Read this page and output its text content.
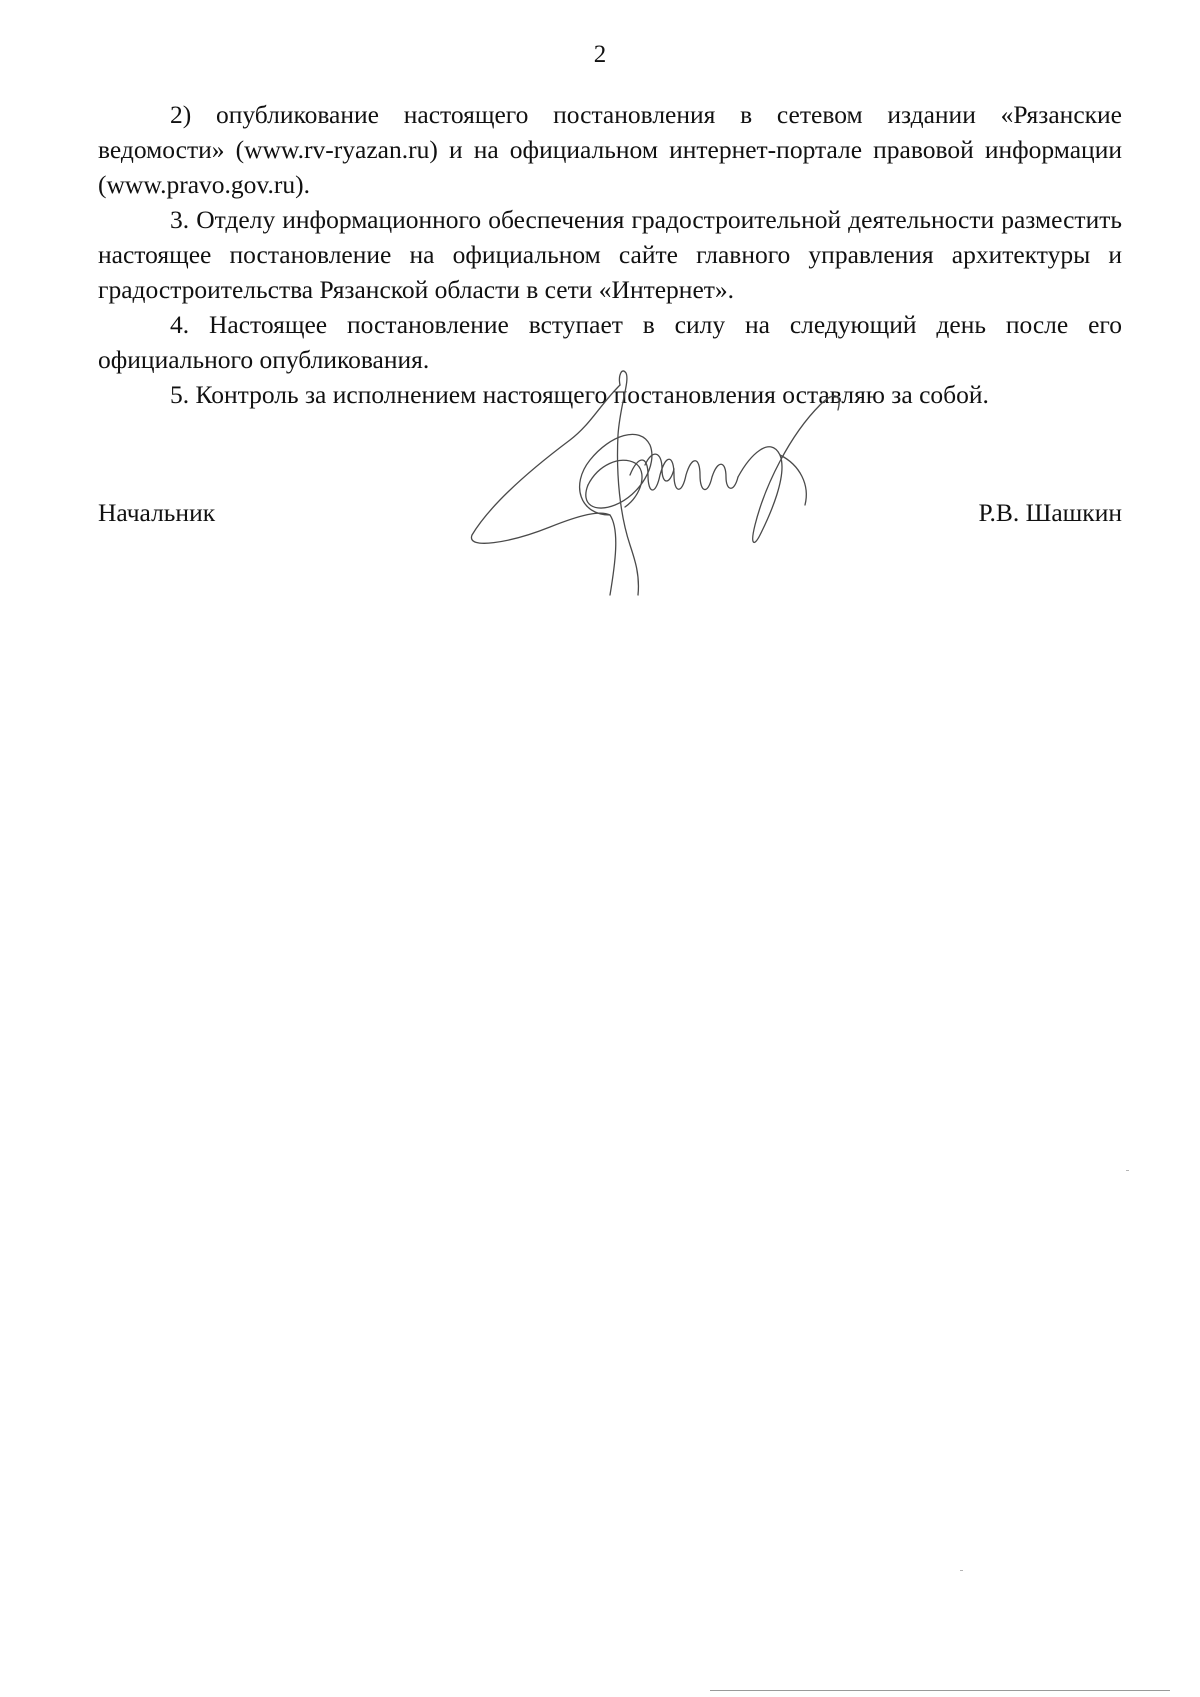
2

2) опубликование настоящего постановления в сетевом издании «Рязанские ведомости» (www.rv-ryazan.ru) и на официальном интернет-портале правовой информации (www.pravo.gov.ru).

3. Отделу информационного обеспечения градостроительной деятельности разместить настоящее постановление на официальном сайте главного управления архитектуры и градостроительства Рязанской области в сети «Интернет».

4. Настоящее постановление вступает в силу на следующий день после его официального опубликования.

5. Контроль за исполнением настоящего постановления оставляю за собой.

Начальник	Р.В. Шашкин
